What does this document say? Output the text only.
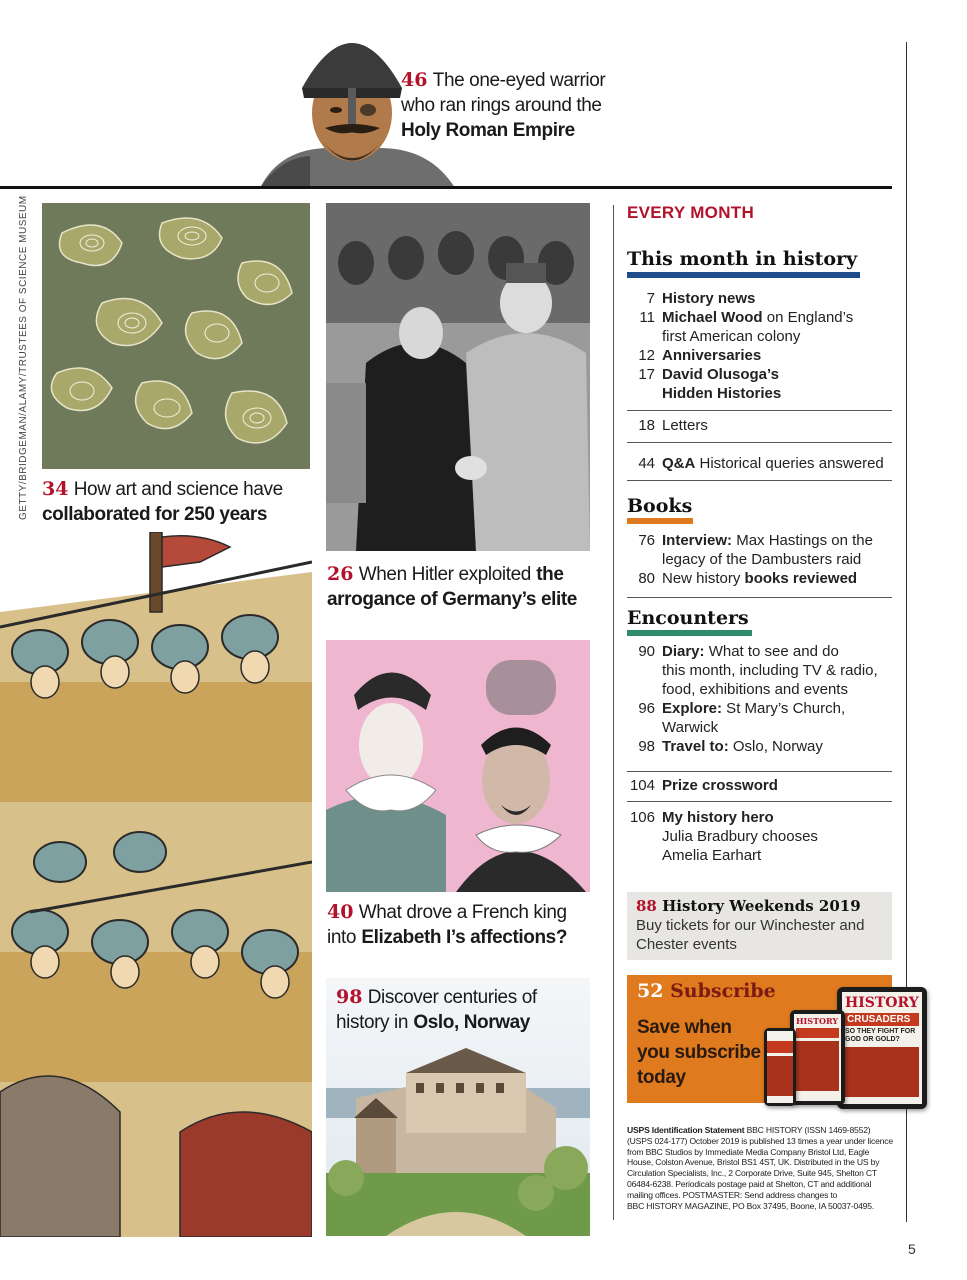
46 The one-eyed warrior
who ran rings around the
Holy Roman Empire
GETTY/BRIDGEMAN/ALAMY/TRUSTEES OF SCIENCE MUSEUM 34 How art and science have
collaborated for 250 years
26 When Hitler exploited the
arrogance of Germany’s elite
40 What drove a French king
into Elizabeth I’s affections?
98 Discover centuries of
history in Oslo, Norway
EVERY MONTH
This month in history
7 History news
11 Michael Wood on England’s
first American colony
12 Anniversaries
17 David Olusoga’s
Hidden Histories
18 Letters
44 Q&A Historical queries answered
Books
76 Interview: Max Hastings on the
legacy of the Dambusters raid
80 New history books reviewed
Encounters
90 Diary: What to see and do
this month, including TV & radio,
food, exhibitions and events
96 Explore: St Mary’s Church,
Warwick
98 Travel to: Oslo, Norway
104 Prize crossword
106 My history hero
Julia Bradbury chooses
Amelia Earhart
88 History Weekends 2019
Buy tickets for our Winchester and
Chester events
52 Subscribe
Save when
you subscribe
today
HISTORY
CRUSADERS
SO THEY FIGHT FOR GOD OR GOLD?
HISTORY
USPS Identification Statement BBC HISTORY (ISSN 1469-8552)
(USPS 024-177) October 2019 is published 13 times a year under licence
from BBC Studios by Immediate Media Company Bristol Ltd, Eagle
House, Colston Avenue, Bristol BS1 4ST, UK. Distributed in the US by
Circulation Specialists, Inc., 2 Corporate Drive, Suite 945, Shelton CT
06484-6238. Periodicals postage paid at Shelton, CT and additional
mailing offices. POSTMASTER: Send address changes to
BBC HISTORY MAGAZINE, PO Box 37495, Boone, IA 50037-0495.
5
